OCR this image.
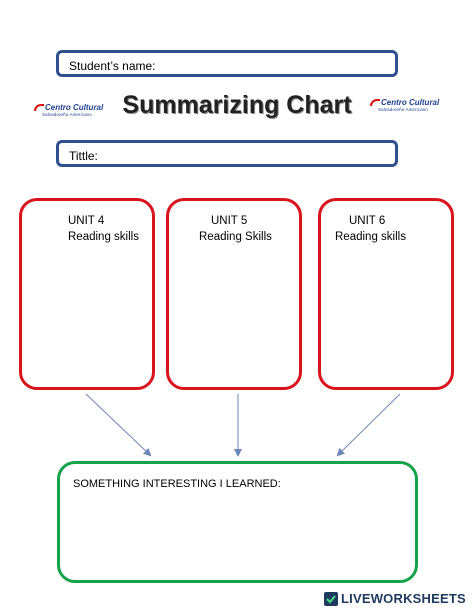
Student’s name:
Centro Cultural
Salvadoreño Americano	Summarizing Chart	Centro Cultural
Salvadoreño Americano
Tittle:
UNIT 4
Reading skills
UNIT 5
Reading Skills
UNIT 6
Reading skills
SOMETHING INTERESTING I LEARNED:
LIVEWORKSHEETS
